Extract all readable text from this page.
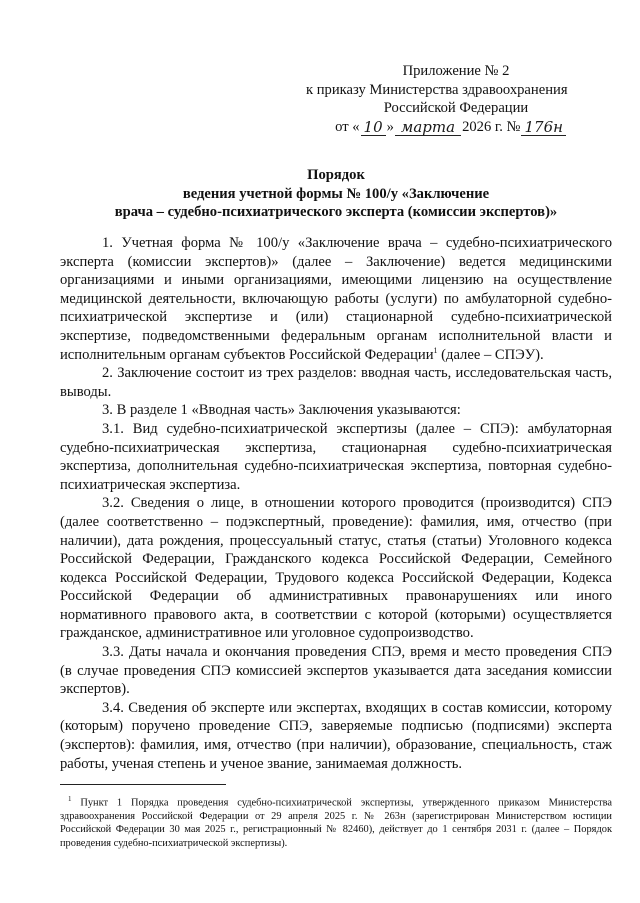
Приложение № 2
к приказу Министерства здравоохранения
Российской Федерации
от « 10 » марта 2026 г. № 176н
Порядок
ведения учетной формы № 100/у «Заключение
врача – судебно-психиатрического эксперта (комиссии экспертов)»

1. Учетная форма № 100/у «Заключение врача – судебно-психиатрического эксперта (комиссии экспертов)» (далее – Заключение) ведется медицинскими организациями и иными организациями, имеющими лицензию на осуществление медицинской деятельности, включающую работы (услуги) по амбулаторной судебно-психиатрической экспертизе и (или) стационарной судебно-психиатрической экспертизе, подведомственными федеральным органам исполнительной власти и исполнительным органам субъектов Российской Федерации$^1$ (далее – СПЭУ).

2. Заключение состоит из трех разделов: вводная часть, исследовательская часть, выводы.

3. В разделе 1 «Вводная часть» Заключения указываются:

3.1. Вид судебно-психиатрической экспертизы (далее – СПЭ): амбулаторная судебно-психиатрическая экспертиза, стационарная судебно-психиатрическая экспертиза, дополнительная судебно-психиатрическая экспертиза, повторная судебно-психиатрическая экспертиза.

3.2. Сведения о лице, в отношении которого проводится (производится) СПЭ (далее соответственно – подэкспертный, проведение): фамилия, имя, отчество (при наличии), дата рождения, процессуальный статус, статья (статьи) Уголовного кодекса Российской Федерации, Гражданского кодекса Российской Федерации, Семейного кодекса Российской Федерации, Трудового кодекса Российской Федерации, Кодекса Российской Федерации об административных правонарушениях или иного нормативного правового акта, в соответствии с которой (которыми) осуществляется гражданское, административное или уголовное судопроизводство.

3.3. Даты начала и окончания проведения СПЭ, время и место проведения СПЭ (в случае проведения СПЭ комиссией экспертов указывается дата заседания комиссии экспертов).

3.4. Сведения об эксперте или экспертах, входящих в состав комиссии, которому (которым) поручено проведение СПЭ, заверяемые подписью (подписями) эксперта (экспертов): фамилия, имя, отчество (при наличии), образование, специальность, стаж работы, ученая степень и ученое звание, занимаемая должность.

$^1$ Пункт 1 Порядка проведения судебно-психиатрической экспертизы, утвержденного приказом Министерства здравоохранения Российской Федерации от 29 апреля 2025 г. № 263н (зарегистрирован Министерством юстиции Российской Федерации 30 мая 2025 г., регистрационный № 82460), действует до 1 сентября 2031 г. (далее – Порядок проведения судебно-психиатрической экспертизы).
